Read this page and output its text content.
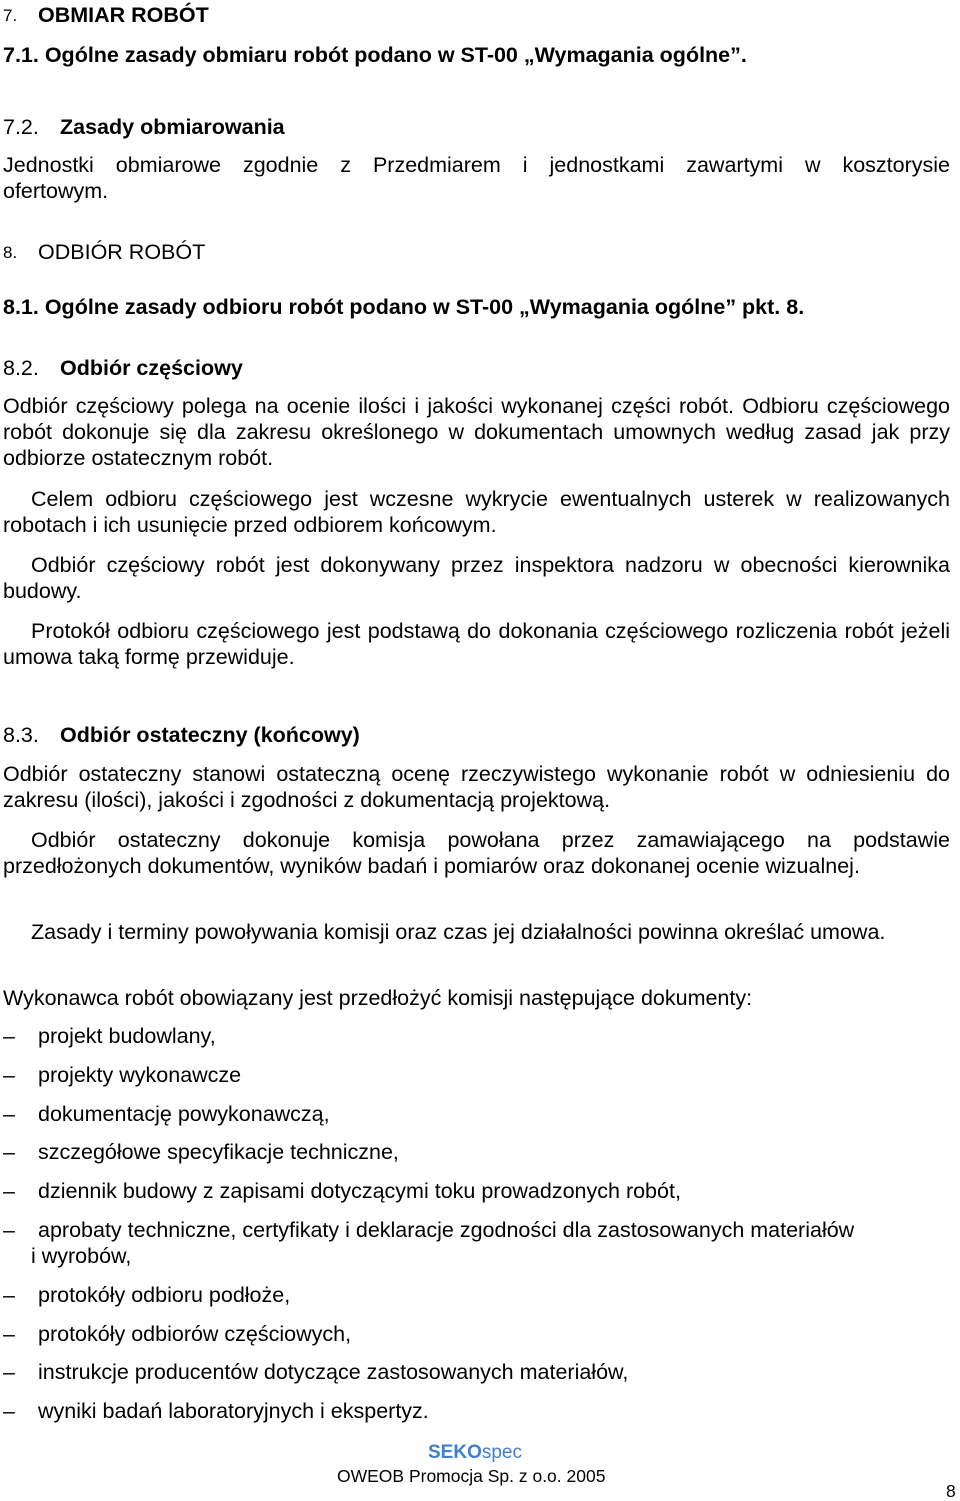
7. OBMIAR ROBÓT
7.1. Ogólne zasady obmiaru robót podano w ST-00 „Wymagania ogólne”.
7.2. Zasady obmiarowania
Jednostki obmiarowe zgodnie z Przedmiarem i jednostkami zawartymi w kosztorysie
ofertowym.
8. ODBIÓR ROBÓT
8.1. Ogólne zasady odbioru robót podano w ST-00 „Wymagania ogólne” pkt. 8.
8.2. Odbiór częściowy
Odbiór częściowy polega na ocenie ilości i jakości wykonanej części robót. Odbioru częściowego robót dokonuje się dla zakresu określonego w dokumentach umownych według zasad jak przy odbiorze ostatecznym robót.
Celem odbioru częściowego jest wczesne wykrycie ewentualnych usterek w realizowanych robotach i ich usunięcie przed odbiorem końcowym.
Odbiór częściowy robót jest dokonywany przez inspektora nadzoru w obecności kierownika budowy.
Protokół odbioru częściowego jest podstawą do dokonania częściowego rozliczenia robót jeżeli umowa taką formę przewiduje.
8.3. Odbiór ostateczny (końcowy)
Odbiór ostateczny stanowi ostateczną ocenę rzeczywistego wykonanie robót w odniesieniu do zakresu (ilości), jakości i zgodności z dokumentacją projektową.
Odbiór ostateczny dokonuje komisja powołana przez zamawiającego na podstawie przedłożonych dokumentów, wyników badań i pomiarów oraz dokonanej ocenie wizualnej.
Zasady i terminy powoływania komisji oraz czas jej działalności powinna określać umowa.
Wykonawca robót obowiązany jest przedłożyć komisji następujące dokumenty:
–	projekt budowlany,
–	projekty wykonawcze
–	dokumentację powykonawczą,
–	szczegółowe specyfikacje techniczne,
–	dziennik budowy z zapisami dotyczącymi toku prowadzonych robót,
–	aprobaty techniczne, certyfikaty i deklaracje zgodności dla zastosowanych materiałów
i wyrobów,
–	protokóły odbioru podłoże,
–	protokóły odbiorów częściowych,
–	instrukcje producentów dotyczące zastosowanych materiałów,
–	wyniki badań laboratoryjnych i ekspertyz.
SEKOspec
OWEOB Promocja Sp. z o.o. 2005
8
